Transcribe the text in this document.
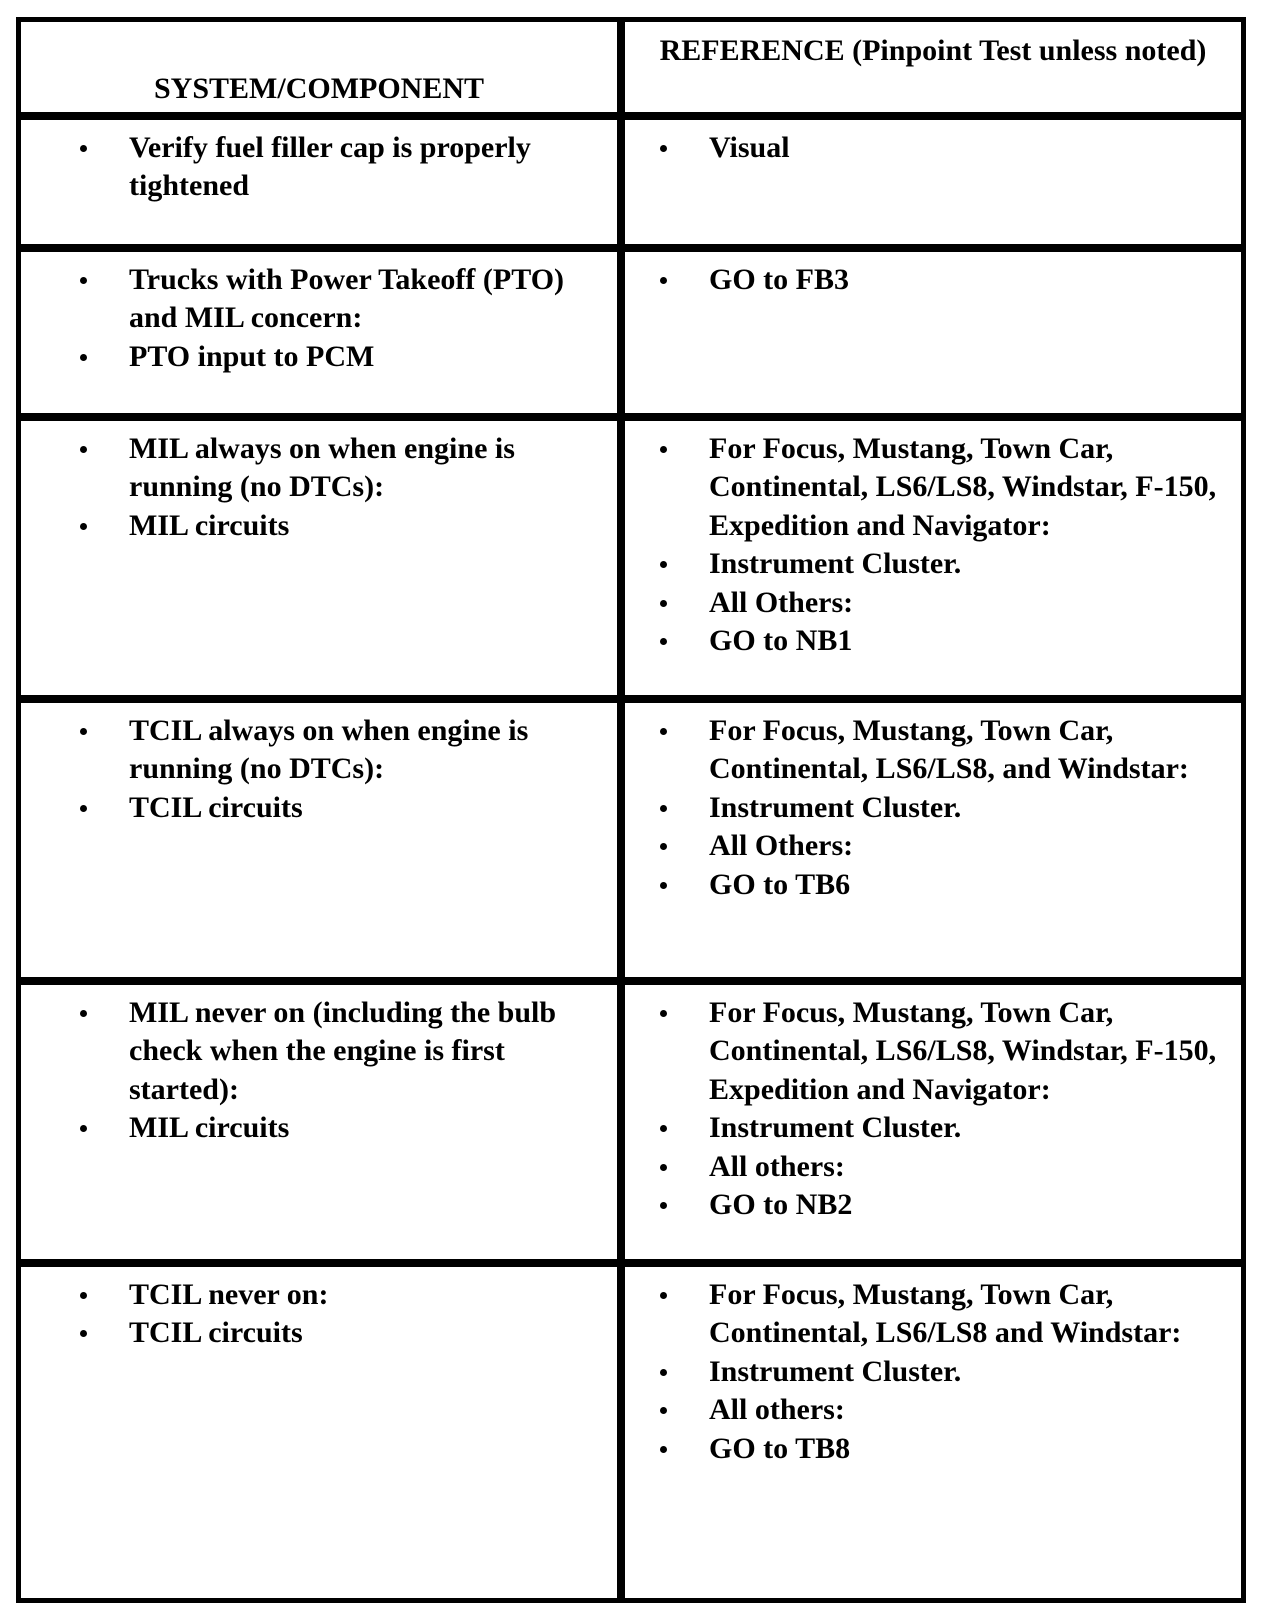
SYSTEM/COMPONENT
REFERENCE (Pinpoint Test unless noted)
Verify fuel filler cap is properly tightened
Visual
Trucks with Power Takeoff (PTO) and MIL concern:
PTO input to PCM
GO to FB3
MIL always on when engine is running (no DTCs):
MIL circuits
For Focus, Mustang, Town Car, Continental, LS6/LS8, Windstar, F-150, Expedition and Navigator:
Instrument Cluster.
All Others:
GO to NB1
TCIL always on when engine is running (no DTCs):
TCIL circuits
For Focus, Mustang, Town Car, Continental, LS6/LS8, and Windstar:
Instrument Cluster.
All Others:
GO to TB6
MIL never on (including the bulb check when the engine is first started):
MIL circuits
For Focus, Mustang, Town Car, Continental, LS6/LS8, Windstar, F-150, Expedition and Navigator:
Instrument Cluster.
All others:
GO to NB2
TCIL never on:
TCIL circuits
For Focus, Mustang, Town Car, Continental, LS6/LS8 and Windstar:
Instrument Cluster.
All others:
GO to TB8
